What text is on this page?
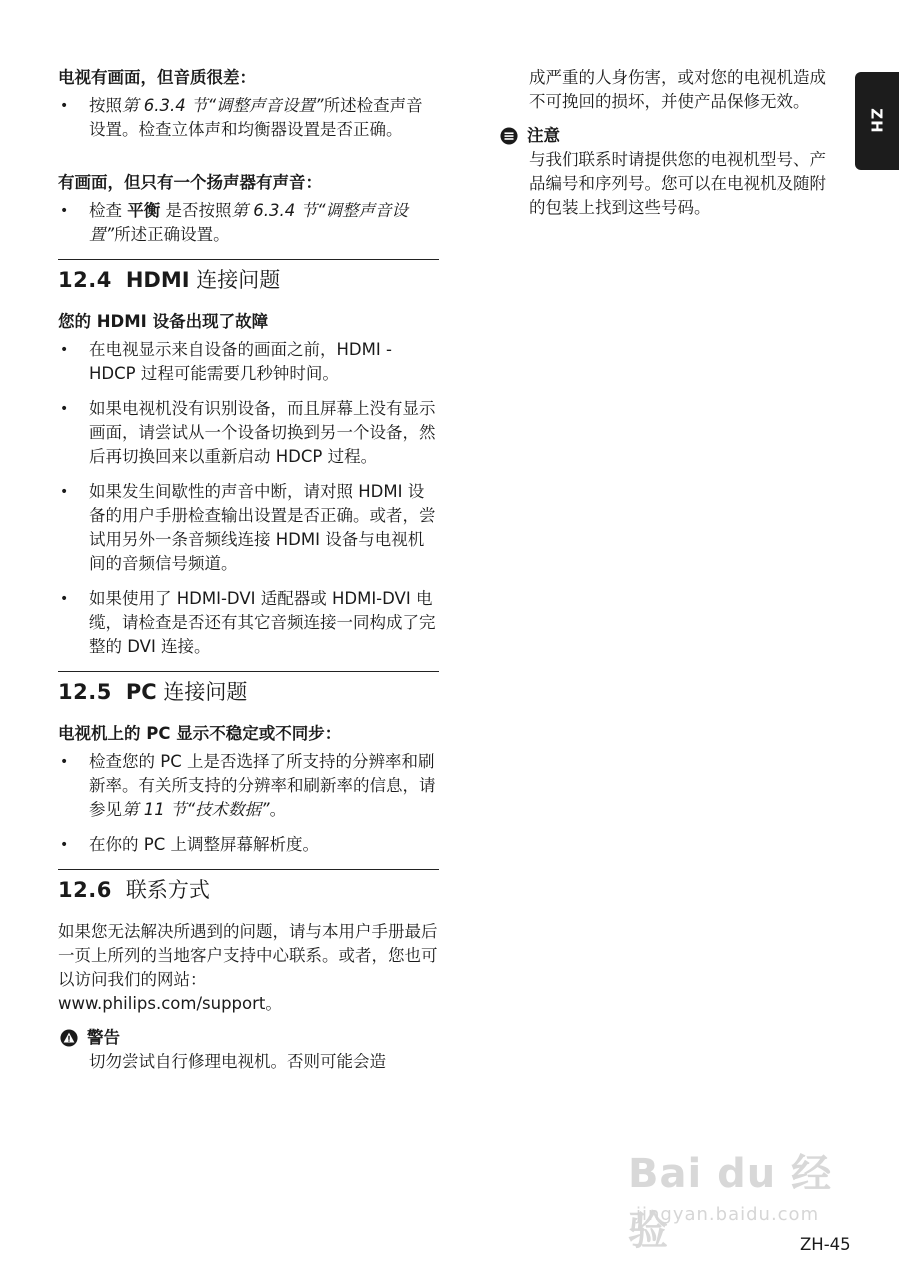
ZH

电视有画面，但音质很差：

• 按照第 6.3.4 节“调整声音设置”所述检查声音设置。检查立体声和均衡器设置是否正确。

有画面，但只有一个扬声器有声音：

• 检查 平衡 是否按照第 6.3.4 节“调整声音设置”所述正确设置。
12.4 HDMI 连接问题

您的 HDMI 设备出现了故障

• 在电视显示来自设备的画面之前，HDMI - HDCP 过程可能需要几秒钟时间。
• 如果电视机没有识别设备，而且屏幕上没有显示画面，请尝试从一个设备切换到另一个设备，然后再切换回来以重新启动 HDCP 过程。
• 如果发生间歇性的声音中断，请对照 HDMI 设备的用户手册检查输出设置是否正确。或者，尝试用另外一条音频线连接 HDMI 设备与电视机间的音频信号频道。
• 如果使用了 HDMI-DVI 适配器或 HDMI-DVI 电缆，请检查是否还有其它音频连接一同构成了完整的 DVI 连接。
12.5 PC 连接问题

电视机上的 PC 显示不稳定或不同步：

• 检查您的 PC 上是否选择了所支持的分辨率和刷新率。有关所支持的分辨率和刷新率的信息，请参见第 11 节“技术数据”。
• 在你的 PC 上调整屏幕解析度。
12.6 联系方式

如果您无法解决所遇到的问题，请与本用户手册最后一页上所列的当地客户支持中心联系。或者，您也可以访问我们的网站：

www.philips.com/support。

警告

切勿尝试自行修理电视机。否则可能会造

成严重的人身伤害，或对您的电视机造成不可挽回的损坏，并使产品保修无效。

注意

与我们联系时请提供您的电视机型号、产品编号和序列号。您可以在电视机及随附的包装上找到这些号码。

Bai du 经验
jingyan.baidu.com
ZH-45
